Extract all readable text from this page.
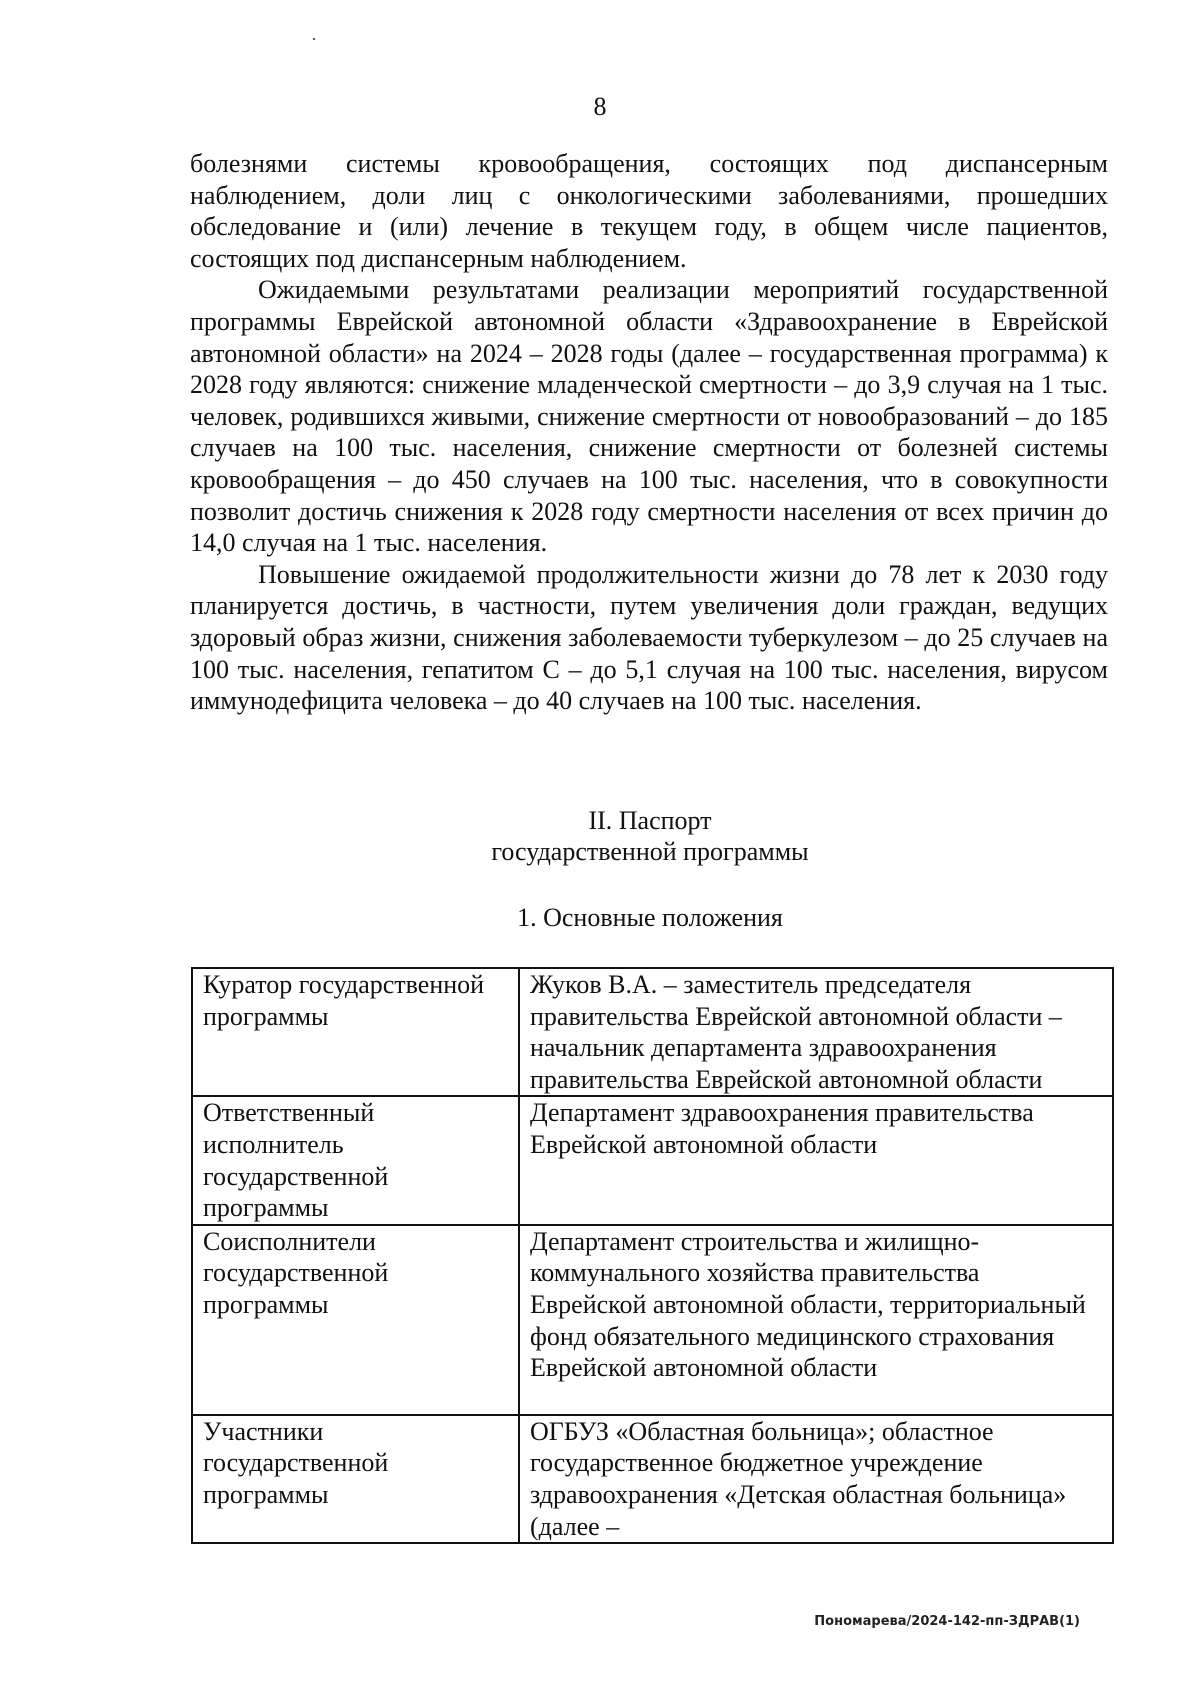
8

болезнями системы кровообращения, состоящих под диспансерным наблюдением, доли лиц с онкологическими заболеваниями, прошедших обследование и (или) лечение в текущем году, в общем числе пациентов, состоящих под диспансерным наблюдением.

Ожидаемыми результатами реализации мероприятий государственной программы Еврейской автономной области «Здравоохранение в Еврейской автономной области» на 2024 – 2028 годы (далее – государственная программа) к 2028 году являются: снижение младенческой смертности – до 3,9 случая на 1 тыс. человек, родившихся живыми, снижение смертности от новообразований – до 185 случаев на 100 тыс. населения, снижение смертности от болезней системы кровообращения – до 450 случаев на 100 тыс. населения, что в совокупности позволит достичь снижения к 2028 году смертности населения от всех причин до 14,0 случая на 1 тыс. населения.

Повышение ожидаемой продолжительности жизни до 78 лет к 2030 году планируется достичь, в частности, путем увеличения доли граждан, ведущих здоровый образ жизни, снижения заболеваемости туберкулезом – до 25 случаев на 100 тыс. населения, гепатитом С – до 5,1 случая на 100 тыс. населения, вирусом иммунодефицита человека – до 40 случаев на 100 тыс. населения.

II. Паспорт
государственной программы
1. Основные положения
Куратор государственной программы	Жуков В.А. – заместитель председателя правительства Еврейской автономной области – начальник департамента здравоохранения правительства Еврейской автономной области
Ответственный исполнитель государственной программы	Департамент здравоохранения правительства Еврейской автономной области
Соисполнители государственной программы	Департамент строительства и жилищно-коммунального хозяйства правительства Еврейской автономной области, территориальный фонд обязательного медицинского страхования Еврейской автономной области
Участники государственной программы	ОГБУЗ «Областная больница»; областное государственное бюджетное учреждение здравоохранения «Детская областная больница» (далее –
Пономарева/2024-142-пп-ЗДРАВ(1)
